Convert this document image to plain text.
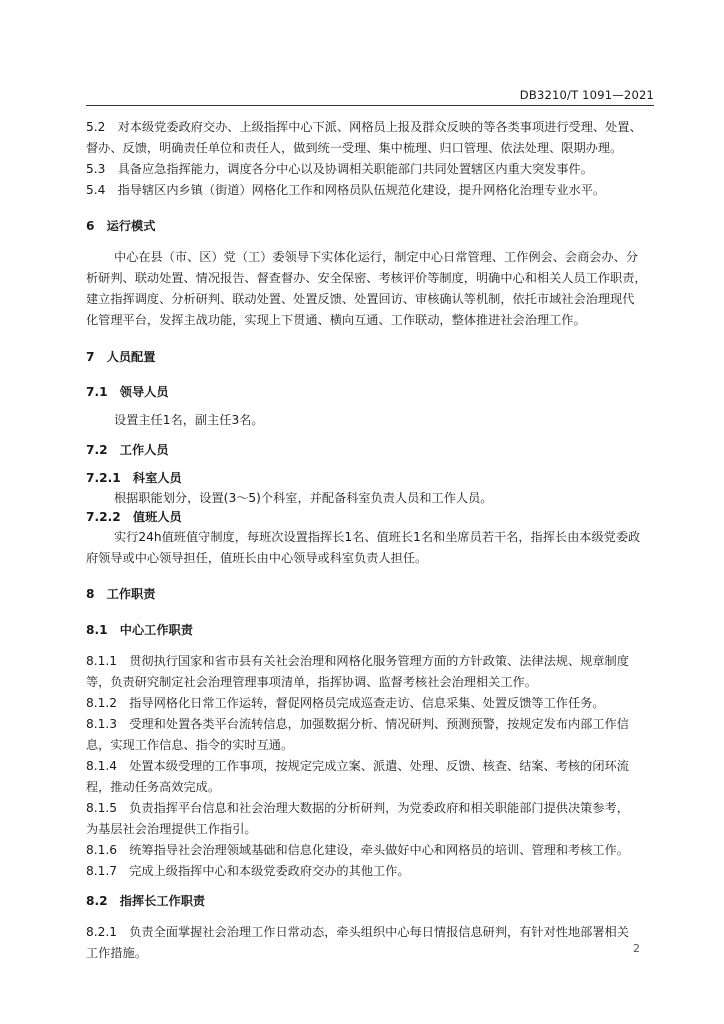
DB3210/T 1091—2021
5.2　对本级党委政府交办、上级指挥中心下派、网格员上报及群众反映的等各类事项进行受理、处置、
督办、反馈，明确责任单位和责任人，做到统一受理、集中梳理、归口管理、依法处理、限期办理。
5.3　具备应急指挥能力，调度各分中心以及协调相关职能部门共同处置辖区内重大突发事件。
5.4　指导辖区内乡镇（街道）网格化工作和网格员队伍规范化建设，提升网格化治理专业水平。
6　运行模式
中心在县（市、区）党（工）委领导下实体化运行，制定中心日常管理、工作例会、会商会办、分
析研判、联动处置、情况报告、督查督办、安全保密、考核评价等制度，明确中心和相关人员工作职责，
建立指挥调度、分析研判、联动处置、处置反馈、处置回访、审核确认等机制，依托市域社会治理现代
化管理平台，发挥主战功能，实现上下贯通、横向互通、工作联动，整体推进社会治理工作。
7　人员配置
7.1　领导人员
设置主任1名，副主任3名。
7.2　工作人员
7.2.1　科室人员
根据职能划分，设置(3～5)个科室，并配备科室负责人员和工作人员。
7.2.2　值班人员
实行24h值班值守制度，每班次设置指挥长1名、值班长1名和坐席员若干名，指挥长由本级党委政
府领导或中心领导担任，值班长由中心领导或科室负责人担任。
8　工作职责
8.1　中心工作职责
8.1.1　贯彻执行国家和省市县有关社会治理和网格化服务管理方面的方针政策、法律法规、规章制度
等，负责研究制定社会治理管理事项清单，指挥协调、监督考核社会治理相关工作。
8.1.2　指导网格化日常工作运转，督促网格员完成巡查走访、信息采集、处置反馈等工作任务。
8.1.3　受理和处置各类平台流转信息，加强数据分析、情况研判、预测预警，按规定发布内部工作信
息，实现工作信息、指令的实时互通。
8.1.4　处置本级受理的工作事项，按规定完成立案、派遣、处理、反馈、核查、结案、考核的闭环流
程，推动任务高效完成。
8.1.5　负责指挥平台信息和社会治理大数据的分析研判，为党委政府和相关职能部门提供决策参考，
为基层社会治理提供工作指引。
8.1.6　统筹指导社会治理领域基础和信息化建设，牵头做好中心和网格员的培训、管理和考核工作。
8.1.7　完成上级指挥中心和本级党委政府交办的其他工作。
8.2　指挥长工作职责
8.2.1　负责全面掌握社会治理工作日常动态，牵头组织中心每日情报信息研判，有针对性地部署相关
工作措施。	2
